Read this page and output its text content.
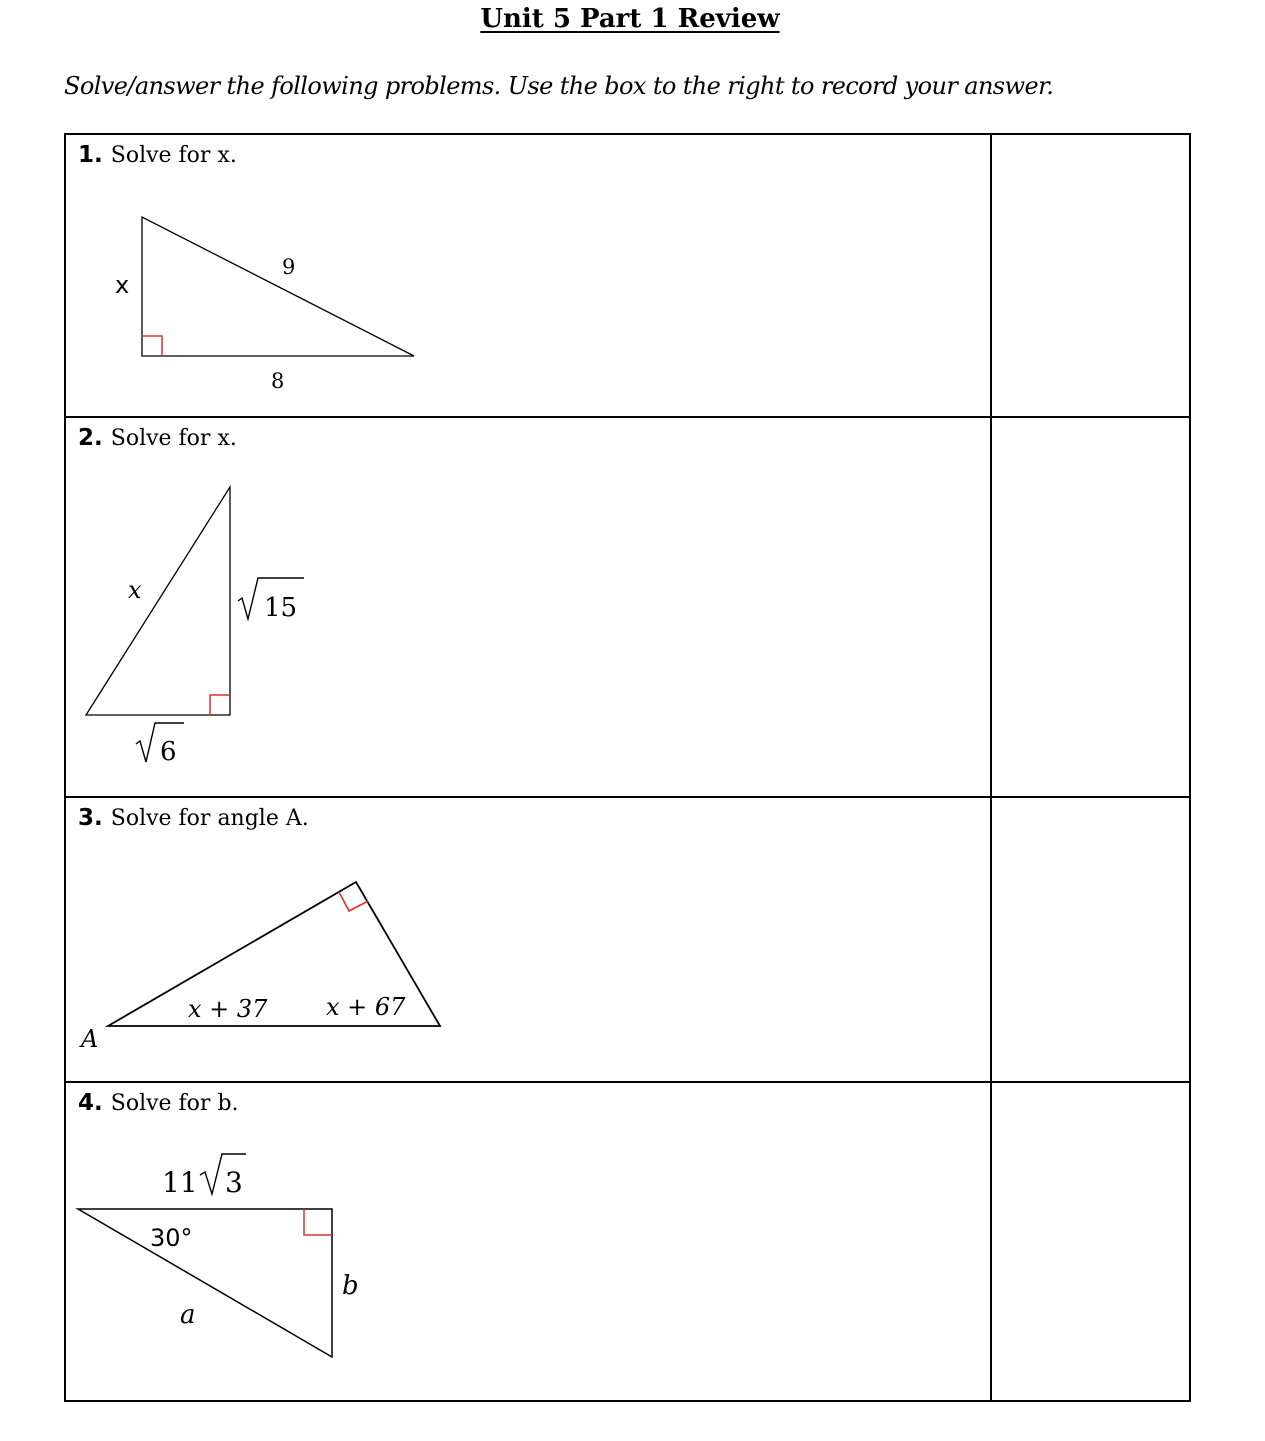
Unit 5 Part 1 Review
Solve/answer the following problems. Use the box to the right to record your answer.
1. Solve for x.
x
9
8
2. Solve for x.
x
15
6
3. Solve for angle A.
A
x + 37 x + 67
4. Solve for b.
11 3
30°
a
b
